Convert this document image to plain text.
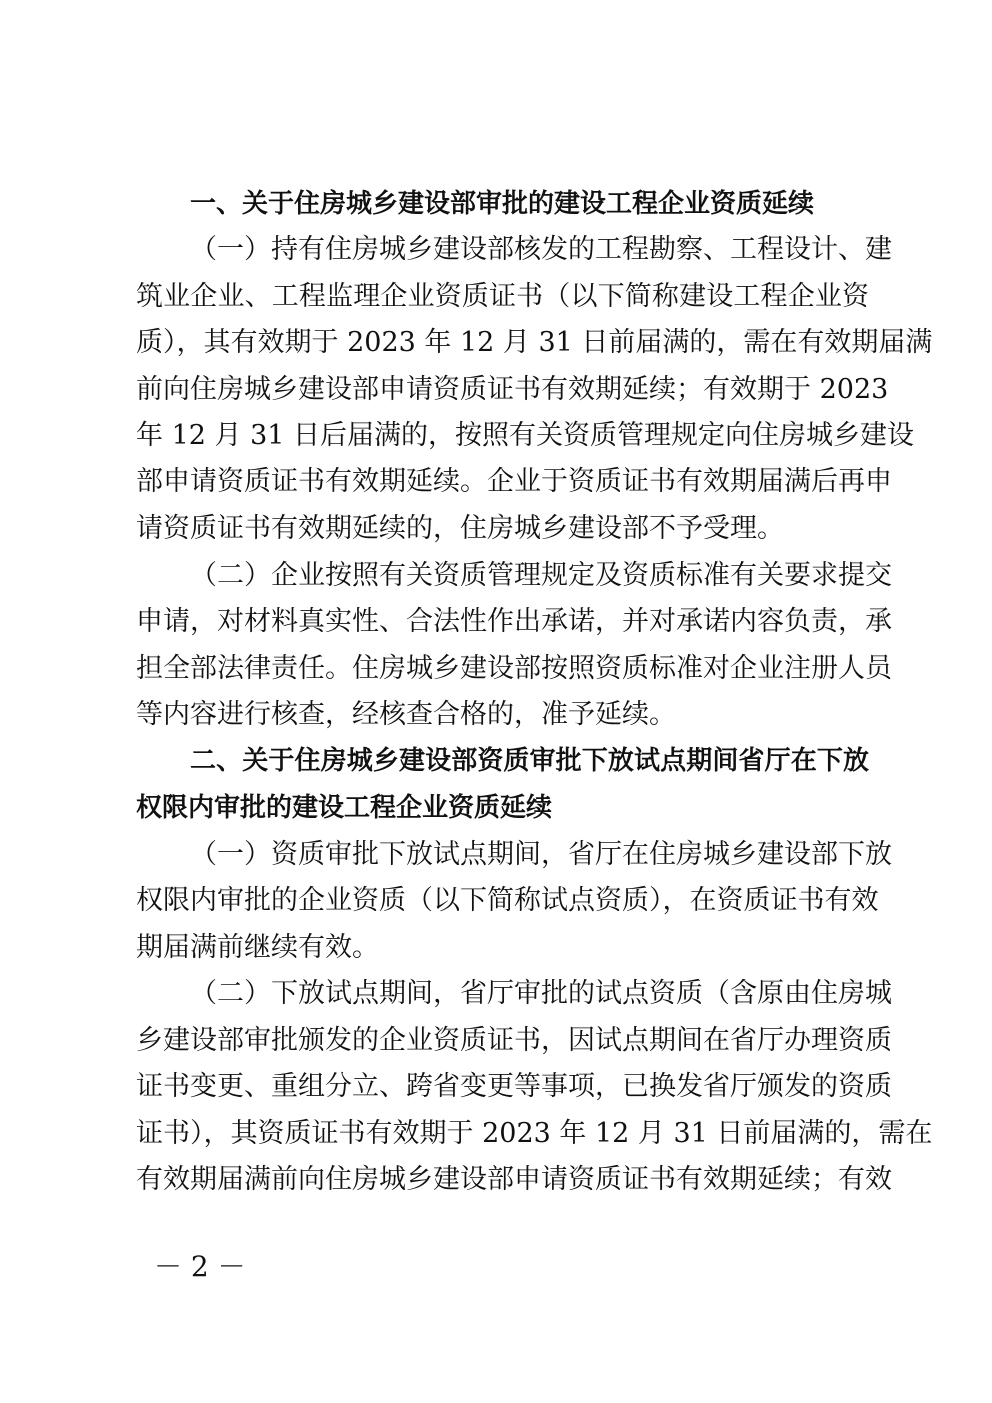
一、关于住房城乡建设部审批的建设工程企业资质延续
（一）持有住房城乡建设部核发的工程勘察、工程设计、建
筑业企业、工程监理企业资质证书（以下简称建设工程企业资
质），其有效期于 2023 年 12 月 31 日前届满的，需在有效期届满
前向住房城乡建设部申请资质证书有效期延续；有效期于 2023
年 12 月 31 日后届满的，按照有关资质管理规定向住房城乡建设
部申请资质证书有效期延续。企业于资质证书有效期届满后再申
请资质证书有效期延续的，住房城乡建设部不予受理。
（二）企业按照有关资质管理规定及资质标准有关要求提交
申请，对材料真实性、合法性作出承诺，并对承诺内容负责，承
担全部法律责任。住房城乡建设部按照资质标准对企业注册人员
等内容进行核查，经核查合格的，准予延续。
二、关于住房城乡建设部资质审批下放试点期间省厅在下放
权限内审批的建设工程企业资质延续
（一）资质审批下放试点期间，省厅在住房城乡建设部下放
权限内审批的企业资质（以下简称试点资质），在资质证书有效
期届满前继续有效。
（二）下放试点期间，省厅审批的试点资质（含原由住房城
乡建设部审批颁发的企业资质证书，因试点期间在省厅办理资质
证书变更、重组分立、跨省变更等事项，已换发省厅颁发的资质
证书），其资质证书有效期于 2023 年 12 月 31 日前届满的，需在
有效期届满前向住房城乡建设部申请资质证书有效期延续；有效
－ 2 －
